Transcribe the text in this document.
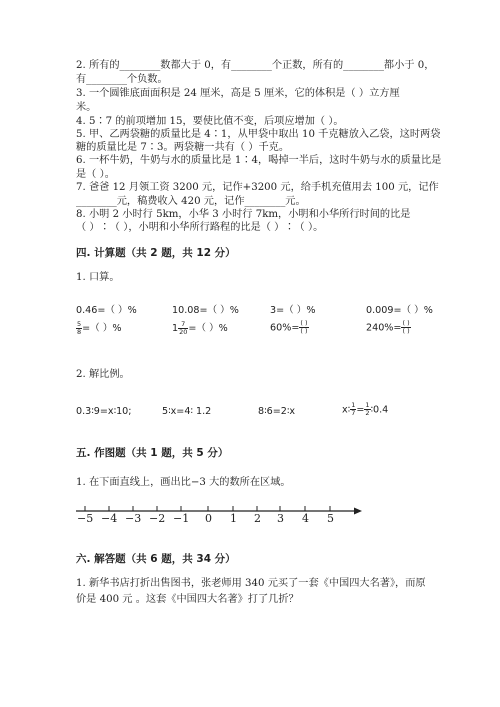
2. 所有的________数都大于 0，有________个正数，所有的________都小于 0，
有________个负数。
3. 一个圆锥底面面积是 24 厘米，高是 5 厘米，它的体积是（ ）立方厘
米。
4. 5∶7 的前项增加 15，要使比值不变，后项应增加（ ）。
5. 甲、乙两袋糖的质量比是 4∶1，从甲袋中取出 10 千克糖放入乙袋，这时两袋
糖的质量比是 7∶3。两袋糖一共有（ ）千克。
6. 一杯牛奶，牛奶与水的质量比是 1∶4，喝掉一半后，这时牛奶与水的质量比是
是（ ）。
7. 爸爸 12 月领工资 3200 元，记作+3200 元，给手机充值用去 100 元，记作
________元，稿费收入 420 元，记作________元。
8. 小明 2 小时行 5km，小华 3 小时行 7km，小明和小华所行时间的比是
（ ）∶（ ），小明和小华所行路程的比是（ ）∶（ ）。
四. 计算题（共 2 题，共 12 分）
1. 口算。
0.46=（ ）%	10.08=（ ）%	3=（ ）%	0.009=（ ）%
$\frac{5}{8}$ =（ ）%	$1 \frac{7}{20}$ =（ ）%	$60\%= \frac{( )}{( )}$	$240\%= \frac{( )}{( )}$
2. 解比例。
0.3∶9=x∶10;	5∶x=4∶ 1.2	8∶6=2∶x	x∶ $\frac{1}{7} = \frac{1}{2}$ ∶0.4
五. 作图题（共 1 题，共 5 分）
1. 在下面直线上，画出比−3 大的数所在区域。
−5 −4 −3 −2 −1 0 1 2 3 4 5
六. 解答题（共 6 题，共 34 分）
1. 新华书店打折出售图书，张老师用 340 元买了一套《中国四大名著》，而原
价是 400 元 。这套《中国四大名著》打了几折？
